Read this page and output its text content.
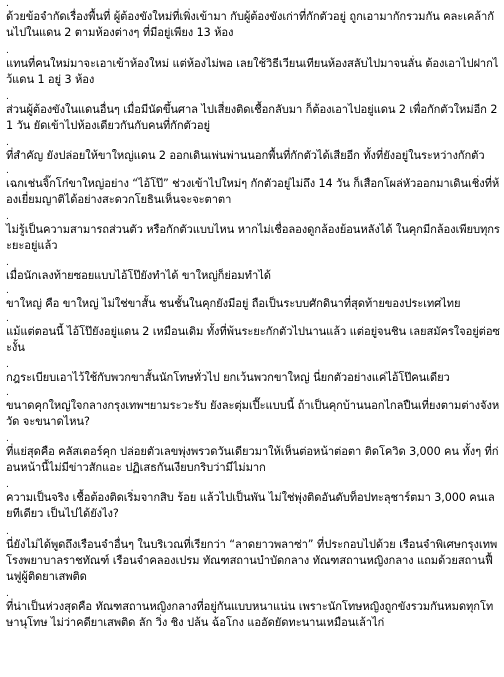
.
ด้วยข้อจำกัดเรื่องพื้นที่ ผู้ต้องขังใหม่ที่เพิ่งเข้ามา กับผู้ต้องขังเก่าที่กักตัวอยู่ ถูกเอามากักรวมกัน คละเคล้ากันไปในแดน 2 ตามห้องต่างๆ ที่มีอยู่เพียง 13 ห้อง
.
แทนที่คนใหม่มาจะเอาเข้าห้องใหม่ แต่ห้องไม่พอ เลยใช้วิธีเวียนเทียนห้องสลับไปมาจนลั่น ต้องเอาไปฝากไว้แดน 1 อยู่ 3 ห้อง
.
ส่วนผู้ต้องขังในแดนอื่นๆ เมื่อมีนัดขึ้นศาล ไปเสี่ยงติดเชื้อกลับมา ก็ต้องเอาไปอยู่แดน 2 เพื่อกักตัวใหม่อีก 21 วัน ยัดเข้าไปห้องเดียวกันกับคนที่กักตัวอยู่
.
ที่สำคัญ ยังปล่อยให้ขาใหญ่แดน 2 ออกเดินเพ่นพ่านนอกพื้นที่กักตัวได้เสียอีก ทั้งที่ยังอยู่ในระหว่างกักตัว
.
เฉกเช่นจิ๊กโก๋ขาใหญ่อย่าง “ไอ้โป๊” ช่วงเข้าไปใหม่ๆ กักตัวอยู่ไม่ถึง 14 วัน ก็เสือกโผล่หัวออกมาเดินเชิ่งที่ห้องเยี่ยมญาติได้อย่างสะดวกโยธินเห็นจะจะตาตา
.
ไม่รู้เป็นความสามารถส่วนตัว หรือกักตัวแบบไหน หากไม่เชื่อลองดูกล้องย้อนหลังได้ ในคุกมีกล้องเพียบทุกระยะอยู่แล้ว
.
เมื่อนักเลงท้ายซอยแบบไอ้โป๊ยังทำได้ ขาใหญ่ก็ย่อมทำได้
.
ขาใหญ่ คือ ขาใหญ่ ไม่ใช่ขาสั้น ชนชั้นในคุกยังมีอยู่ ถือเป็นระบบศักดินาที่สุดท้ายของประเทศไทย
.
แม้แต่ตอนนี้ ไอ้โป๊ยังอยู่แดน 2 เหมือนเดิม ทั้งที่พ้นระยะกักตัวไปนานแล้ว แต่อยู่จนชิน เลยสมัครใจอยู่ต่อซะงั้น
.
กฎระเบียบเอาไว้ใช้กับพวกขาสั้นนักโทษทั่วไป ยกเว้นพวกขาใหญ่ นี่ยกตัวอย่างแค่ไอ้โป๊คนเดียว
.
ขนาดคุกใหญ่ใจกลางกรุงเทพฯยามระวะรับ ยังละตุ่มเปี๊ะแบบนี้ ถ้าเป็นคุกบ้านนอกไกลปืนเที่ยงตามต่างจังหวัด จะขนาดไหน?
.
ที่แย่สุดคือ คลัสเตอร์คุก ปล่อยตัวเลขพุ่งพรวดวันเดียวมาให้เห็นต่อหน้าต่อตา ติดโควิด 3,000 คน ทั้งๆ ที่ก่อนหน้านี้ไม่มีข่าวสักแอะ ปฏิเสธกันเงียบกริบว่ามีไม่มาก
.
ความเป็นจริง เชื้อต้องติดเริ่มจากสิบ ร้อย แล้วไปเป็นพัน ไม่ใช่พุ่งติดอันดับท็อปทะลุชาร์ตมา 3,000 คนเลยทีเดียว เป็นไปได้ยังไง?
.
นี่ยังไม่ได้พูดถึงเรือนจำอื่นๆ ในบริเวณที่เรียกว่า “ลาดยาวพลาซ่า” ที่ประกอบไปด้วย เรือนจำพิเศษกรุงเทพ โรงพยาบาลราชทัณฑ์ เรือนจำคลองเปรม ทัณฑสถานบำบัดกลาง ทัณฑสถานหญิงกลาง แถมด้วยสถานฟื้นฟูผู้ติดยาเสพติด
.
ที่น่าเป็นห่วงสุดคือ ทัณฑสถานหญิงกลางที่อยู่กันแบบหนาแน่น เพราะนักโทษหญิงถูกขังรวมกันหมดทุกโทษานุโทษ ไม่ว่าคดียาเสพติด ลัก วิ่ง ชิง ปล้น ฉ้อโกง แออัดยัดทะนานเหมือนเล้าไก่
